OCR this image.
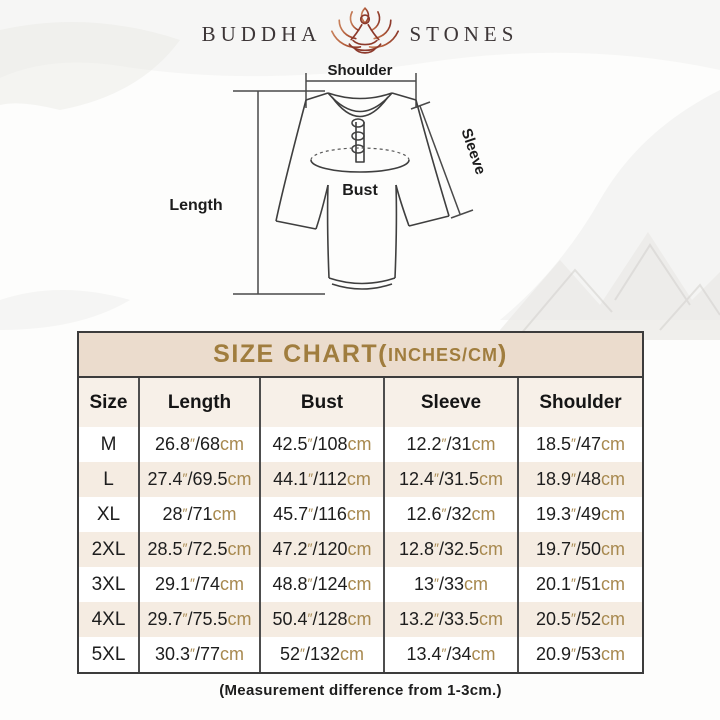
BUDDHA	STONES
Shoulder
Length
Bust
Sleeve
SIZE CHART( INCHES/CM )
Size	Length	Bust	Sleeve	Shoulder
M	26.8″/68cm	42.5″/108cm	12.2″/31cm	18.5″/47cm
L	27.4″/69.5cm	44.1″/112cm	12.4″/31.5cm	18.9″/48cm
XL	28″/71cm	45.7″/116cm	12.6″/32cm	19.3″/49cm
2XL	28.5″/72.5cm	47.2″/120cm	12.8″/32.5cm	19.7″/50cm
3XL	29.1″/74cm	48.8″/124cm	13″/33cm	20.1″/51cm
4XL	29.7″/75.5cm	50.4″/128cm	13.2″/33.5cm	20.5″/52cm
5XL	30.3″/77cm	52″/132cm	13.4″/34cm	20.9″/53cm
(Measurement difference from 1-3cm.)
